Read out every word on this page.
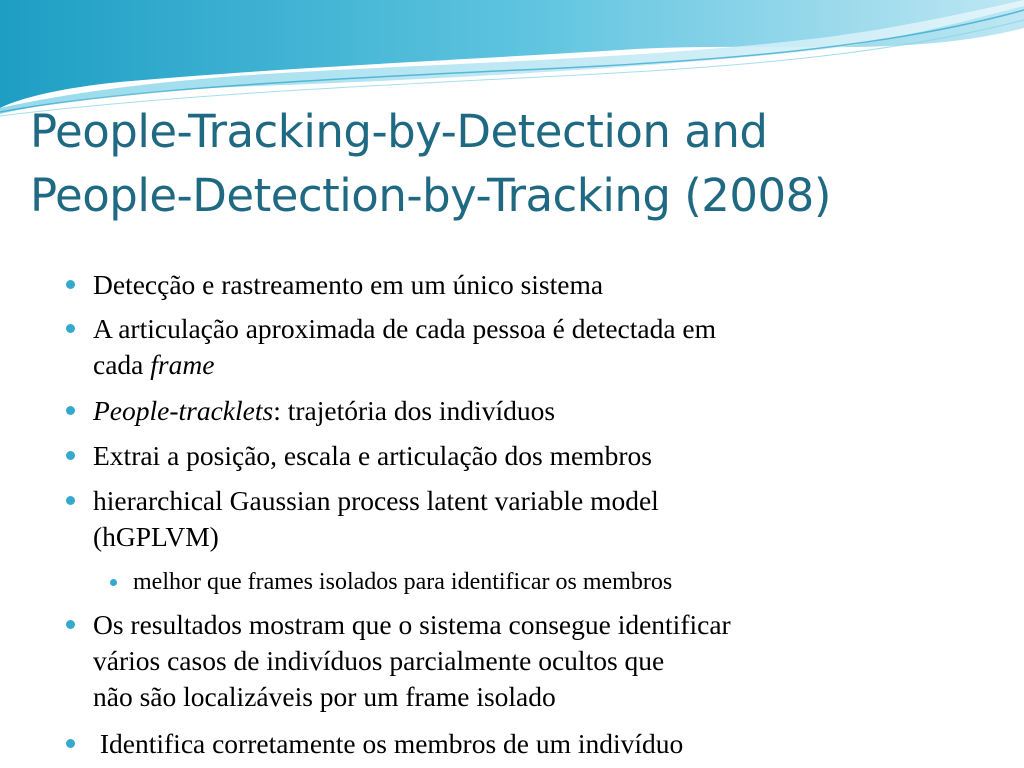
People-Tracking-by-Detection and
People-Detection-by-Tracking (2008)
Detecção e rastreamento em um único sistema
A articulação aproximada de cada pessoa é detectada em
cada frame
People-tracklets: trajetória dos indivíduos
Extrai a posição, escala e articulação dos membros
hierarchical Gaussian process latent variable model
(hGPLVM)
melhor que frames isolados para identificar os membros
Os resultados mostram que o sistema consegue identificar
vários casos de indivíduos parcialmente ocultos que
não são localizáveis por um frame isolado
Identifica corretamente os membros de um indivíduo
